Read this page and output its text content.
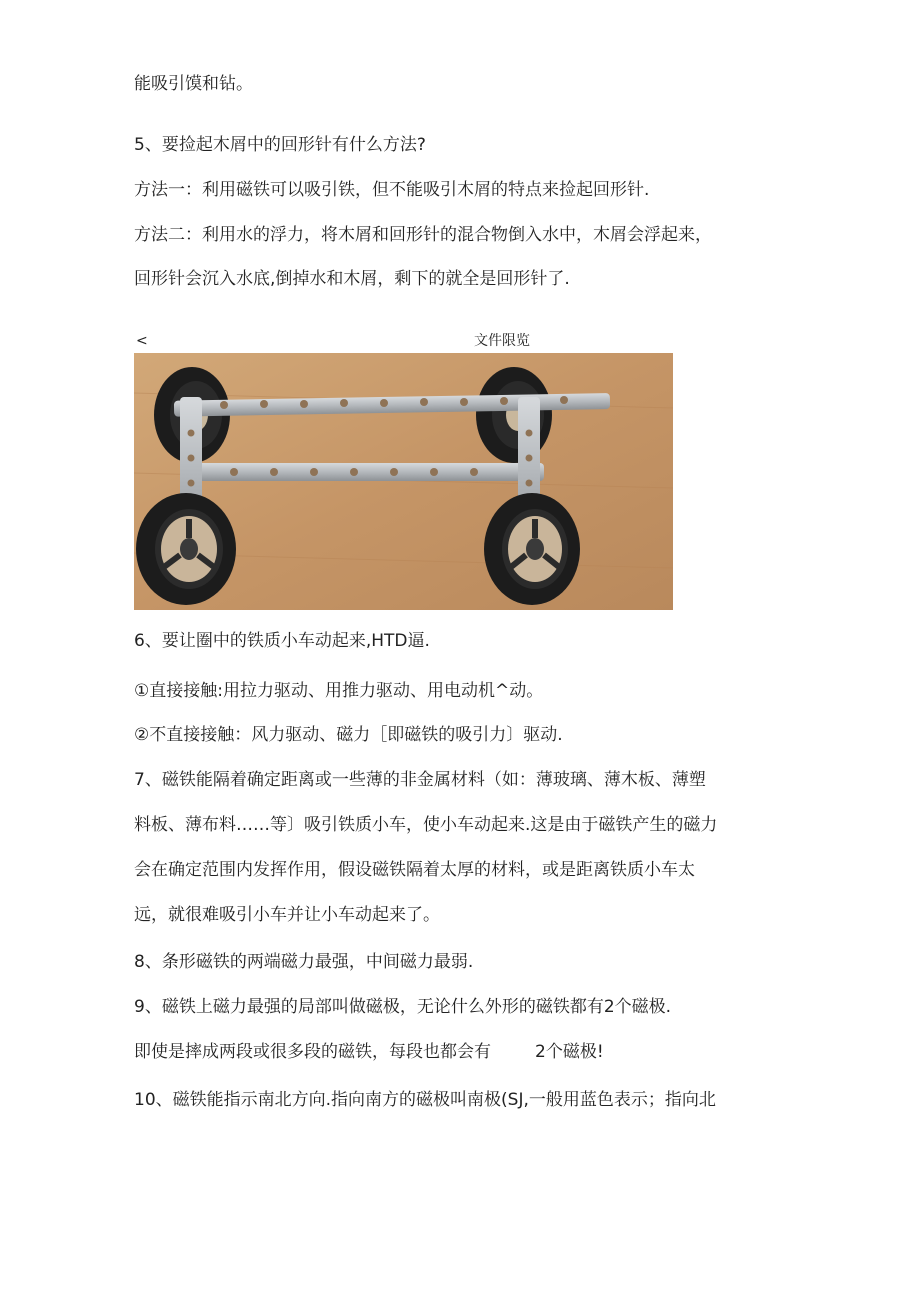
能吸引馍和钻。
5、要捡起木屑中的回形针有什么方法?
方法一：利用磁铁可以吸引铁，但不能吸引木屑的特点来捡起回形针.
方法二：利用水的浮力，将木屑和回形针的混合物倒入水中，木屑会浮起来，
回形针会沉入水底,倒掉水和木屑，剩下的就全是回形针了.
<	文件限览
6、要让圈中的铁质小车动起来,HTD逼.
①直接接触:用拉力驱动、用推力驱动、用电动机^动。
②不直接接触：风力驱动、磁力［即磁铁的吸引力〕驱动.
7、磁铁能隔着确定距离或一些薄的非金属材料（如：薄玻璃、薄木板、薄塑
料板、薄布料……等〕吸引铁质小车，使小车动起来.这是由于磁铁产生的磁力
会在确定范围内发挥作用，假设磁铁隔着太厚的材料，或是距离铁质小车太
远，就很难吸引小车并让小车动起来了。
8、条形磁铁的两端磁力最强，中间磁力最弱.
9、磁铁上磁力最强的局部叫做磁极，无论什么外形的磁铁都有2个磁极.
即使是摔成两段或很多段的磁铁，每段也都会有	2个磁极!
10、磁铁能指示南北方向.指向南方的磁极叫南极(SJ,一般用蓝色表示；指向北
